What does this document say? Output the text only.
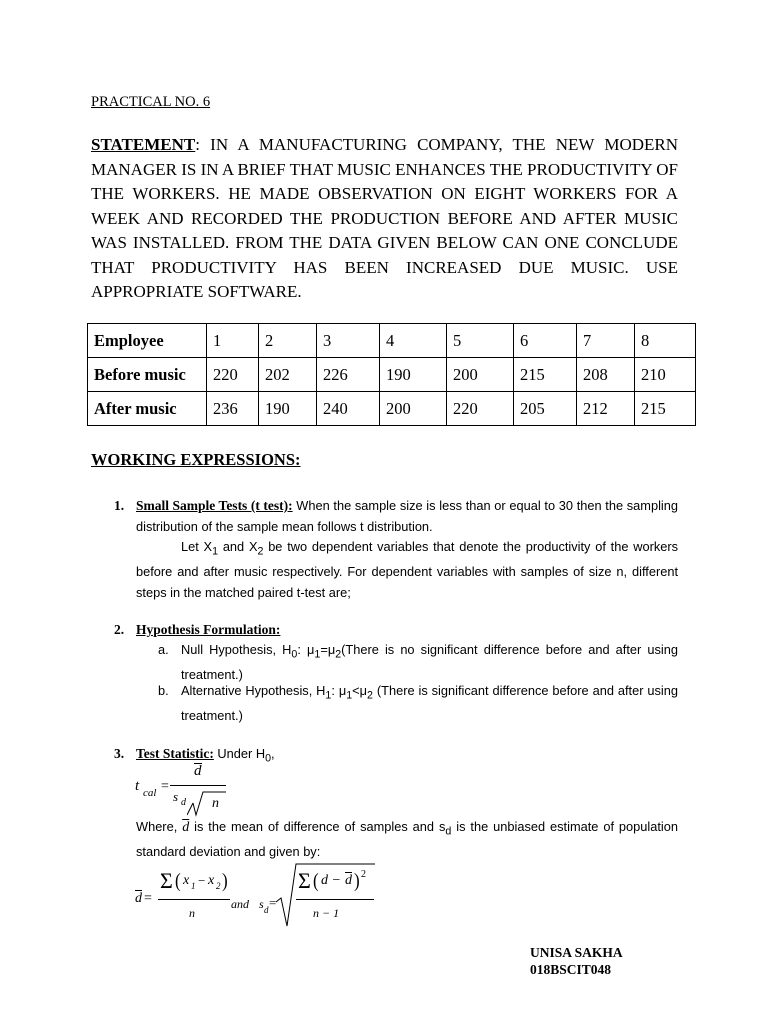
PRACTICAL NO. 6
STATEMENT: IN A MANUFACTURING COMPANY, THE NEW MODERN MANAGER IS IN A BRIEF THAT MUSIC ENHANCES THE PRODUCTIVITY OF THE WORKERS. HE MADE OBSERVATION ON EIGHT WORKERS FOR A WEEK AND RECORDED THE PRODUCTION BEFORE AND AFTER MUSIC WAS INSTALLED. FROM THE DATA GIVEN BELOW CAN ONE CONCLUDE THAT PRODUCTIVITY HAS BEEN INCREASED DUE MUSIC. USE APPROPRIATE SOFTWARE.
Employee	1	2	3	4	5	6	7	8
Before music	220	202	226	190	200	215	208	210
After music	236	190	240	200	220	205	212	215
WORKING EXPRESSIONS:
1. Small Sample Tests (t test): When the sample size is less than or equal to 30 then the sampling distribution of the sample mean follows t distribution.
Let $X_1$ and $X_2$ be two dependent variables that denote the productivity of the workers before and after music respectively. For dependent variables with samples of size n, different steps in the matched paired t-test are;
2. Hypothesis Formulation:
a. Null Hypothesis, $H_0$: $\mu_1=\mu_2(There$ is no significant difference before and after using treatment.)
b. Alternative Hypothesis, $H_1$: $\mu_1<\mu_2$ (There is significant difference before and after using treatment.)
3. Test Statistic: Under $H_0$,
t cal =
d
s d n
Where, $\overline{d}$ is the mean of difference of samples and $s_d$ is the unbiased estimate of population standard deviation and given by:
$\overline{d}$ =
Σ ( x 1 − x 2 )
n
and s d =
Σ ( $d - \overline{d}$ ) 2
n − 1
UNISA SAKHA
018BSCIT048
